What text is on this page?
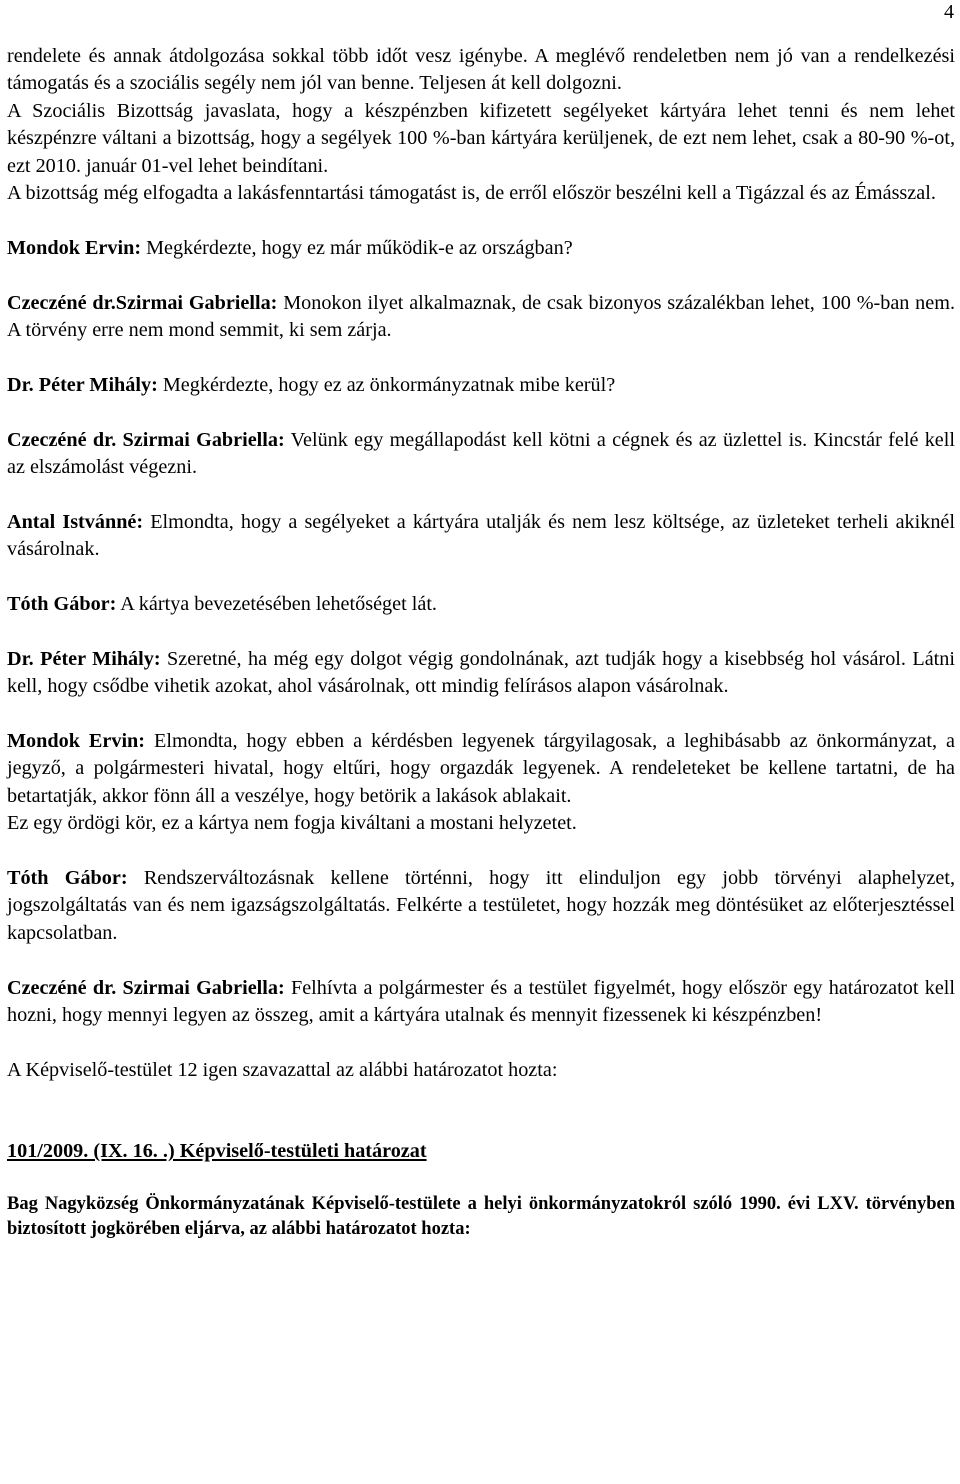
4

rendelete és annak átdolgozása sokkal több időt vesz igénybe. A meglévő rendeletben nem jó van a rendelkezési támogatás és a szociális segély nem jól van benne. Teljesen át kell dolgozni.

A Szociális Bizottság javaslata, hogy a készpénzben kifizetett segélyeket kártyára lehet tenni és nem lehet készpénzre váltani a bizottság, hogy a segélyek 100 %-ban kártyára kerüljenek, de ezt nem lehet, csak a 80-90 %-ot, ezt 2010. január 01-vel lehet beindítani.

A bizottság még elfogadta a lakásfenntartási támogatást is, de erről először beszélni kell a Tigázzal és az Émásszal.

Mondok Ervin: Megkérdezte, hogy ez már működik-e az országban?

Czeczéné dr.Szirmai Gabriella: Monokon ilyet alkalmaznak, de csak bizonyos százalékban lehet, 100 %-ban nem. A törvény erre nem mond semmit, ki sem zárja.

Dr. Péter Mihály: Megkérdezte, hogy ez az önkormányzatnak mibe kerül?

Czeczéné dr. Szirmai Gabriella: Velünk egy megállapodást kell kötni a cégnek és az üzlettel is. Kincstár felé kell az elszámolást végezni.

Antal Istvánné: Elmondta, hogy a segélyeket a kártyára utalják és nem lesz költsége, az üzleteket terheli akiknél vásárolnak.

Tóth Gábor: A kártya bevezetésében lehetőséget lát.

Dr. Péter Mihály: Szeretné, ha még egy dolgot végig gondolnának, azt tudják hogy a kisebbség hol vásárol. Látni kell, hogy csődbe vihetik azokat, ahol vásárolnak, ott mindig felírásos alapon vásárolnak.

Mondok Ervin: Elmondta, hogy ebben a kérdésben legyenek tárgyilagosak, a leghibásabb az önkormányzat, a jegyző, a polgármesteri hivatal, hogy eltűri, hogy orgazdák legyenek. A rendeleteket be kellene tartatni, de ha betartatják, akkor fönn áll a veszélye, hogy betörik a lakások ablakait.

Ez egy ördögi kör, ez a kártya nem fogja kiváltani a mostani helyzetet.

Tóth Gábor: Rendszerváltozásnak kellene történni, hogy itt elinduljon egy jobb törvényi alaphelyzet, jogszolgáltatás van és nem igazságszolgáltatás. Felkérte a testületet, hogy hozzák meg döntésüket az előterjesztéssel kapcsolatban.

Czeczéné dr. Szirmai Gabriella: Felhívta a polgármester és a testület figyelmét, hogy először egy határozatot kell hozni, hogy mennyi legyen az összeg, amit a kártyára utalnak és mennyit fizessenek ki készpénzben!

A Képviselő-testület 12 igen szavazattal az alábbi határozatot hozta:

101/2009. (IX. 16. .) Képviselő-testületi határozat

Bag Nagyközség Önkormányzatának Képviselő-testülete a helyi önkormányzatokról szóló 1990. évi LXV. törvényben biztosított jogkörében eljárva, az alábbi határozatot hozta:
